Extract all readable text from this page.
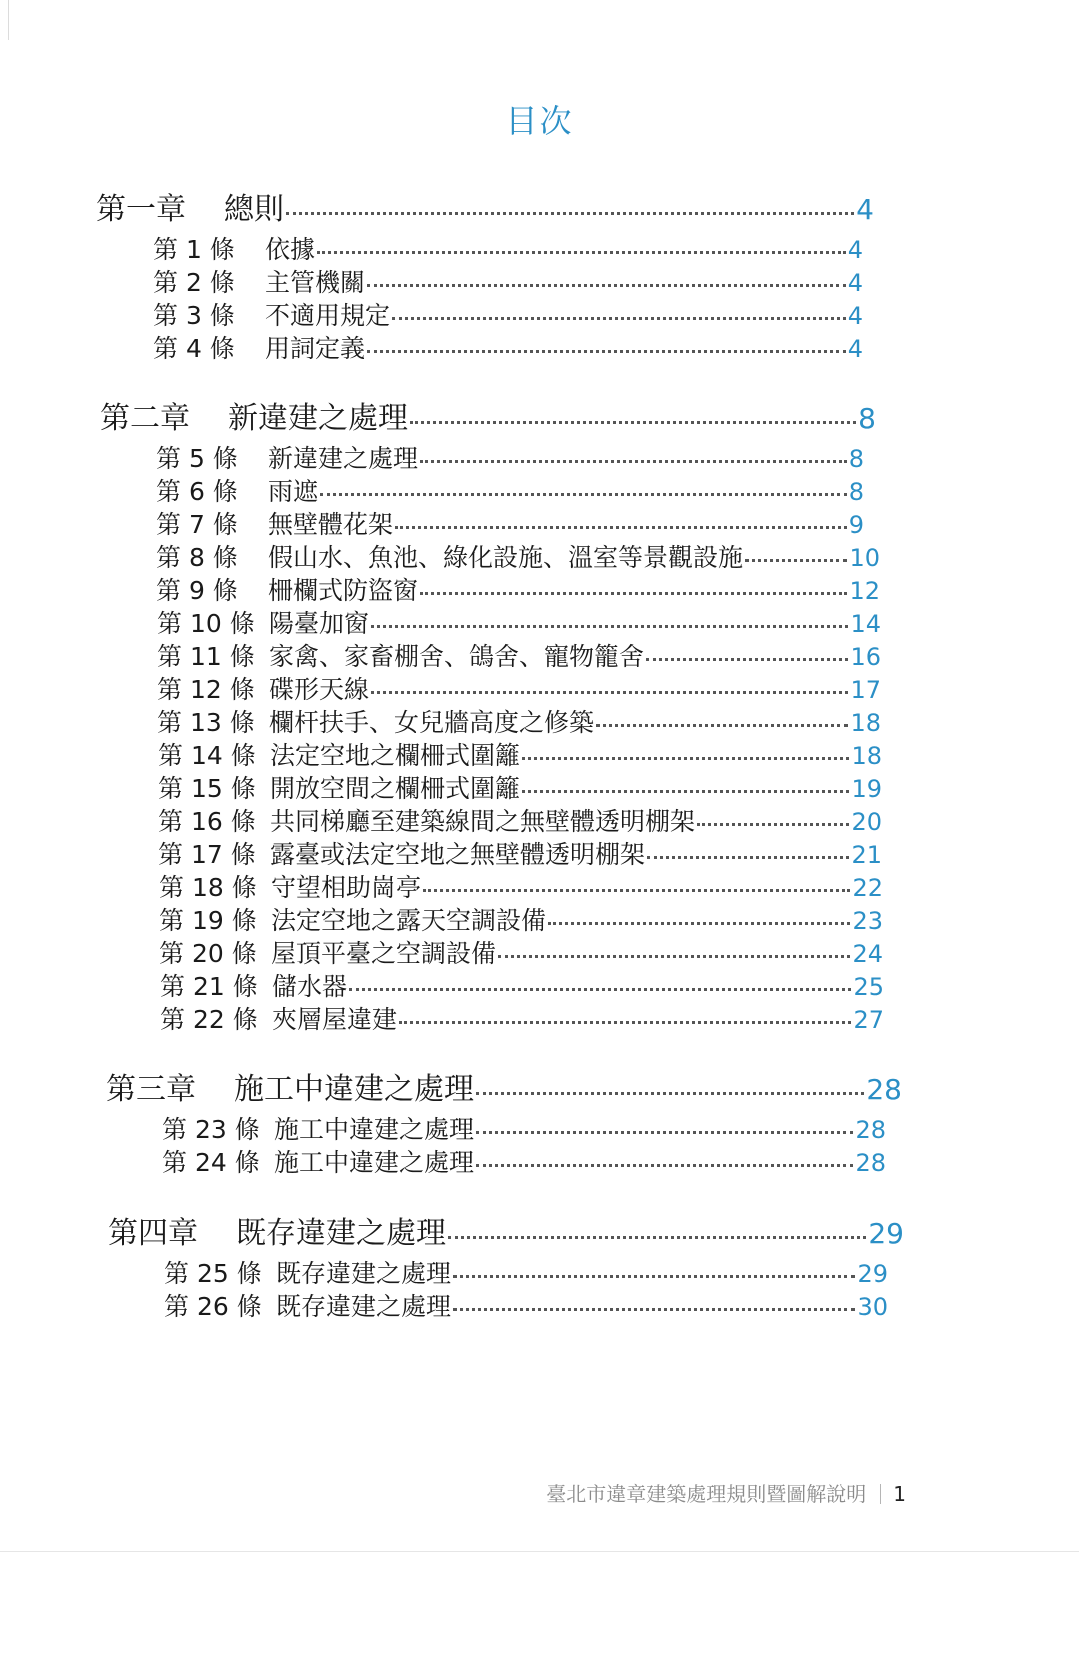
目次
第一章	總則	4
第 1 條	依據	4
第 2 條	主管機關	4
第 3 條	不適用規定	4
第 4 條	用詞定義	4
第二章	新違建之處理	8
第 5 條	新違建之處理	8
第 6 條	雨遮	8
第 7 條	無壁體花架	9
第 8 條	假山水、魚池、綠化設施、溫室等景觀設施	10
第 9 條	柵欄式防盜窗	12
第 10 條 陽臺加窗	14
第 11 條 家禽、家畜棚舍、鴿舍、寵物籠舍	16
第 12 條 碟形天線	17
第 13 條 欄杆扶手、女兒牆高度之修築	18
第 14 條 法定空地之欄柵式圍籬	18
第 15 條 開放空間之欄柵式圍籬	19
第 16 條 共同梯廳至建築線間之無壁體透明棚架	20
第 17 條 露臺或法定空地之無壁體透明棚架	21
第 18 條 守望相助崗亭	22
第 19 條 法定空地之露天空調設備	23
第 20 條 屋頂平臺之空調設備	24
第 21 條 儲水器	25
第 22 條 夾層屋違建	27
第三章	施工中違建之處理	28
第 23 條 施工中違建之處理	28
第 24 條 施工中違建之處理	28
第四章	既存違建之處理	29
第 25 條 既存違建之處理	29
第 26 條 既存違建之處理	30
臺北市違章建築處理規則暨圖解說明 1
